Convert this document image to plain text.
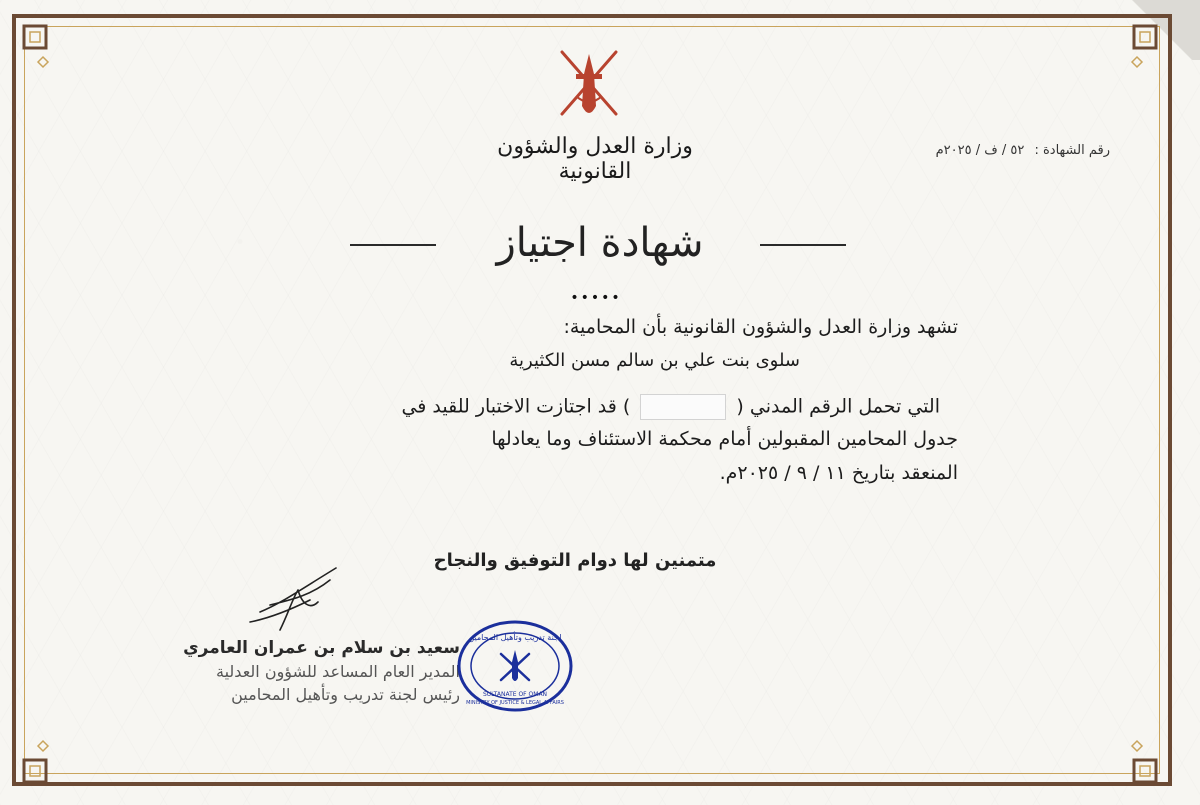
وزارة العدل والشؤون القانونية
رقم الشهادة : ٥٢ / ف / ٢٠٢٥م
شهادة اجتياز
•••••
تشهد وزارة العدل والشؤون القانونية بأن المحامية:
سلوى بنت علي بن سالم مسن الكثيرية
التي تحمل الرقم المدني (  ) قد اجتازت الاختبار للقيد في
جدول المحامين المقبولين أمام محكمة الاستئناف وما يعادلها
المنعقد بتاريخ ١١ / ٩ / ٢٠٢٥م.
متمنين لها دوام التوفيق والنجاح
سعيد بن سلام بن عمران العامري
المدير العام المساعد للشؤون العدلية
رئيس لجنة تدريب وتأهيل المحامين
لجنة تدريب وتأهيل المحامين
SULTANATE OF OMAN
MINISTRY OF JUSTICE & LEGAL AFFAIRS
